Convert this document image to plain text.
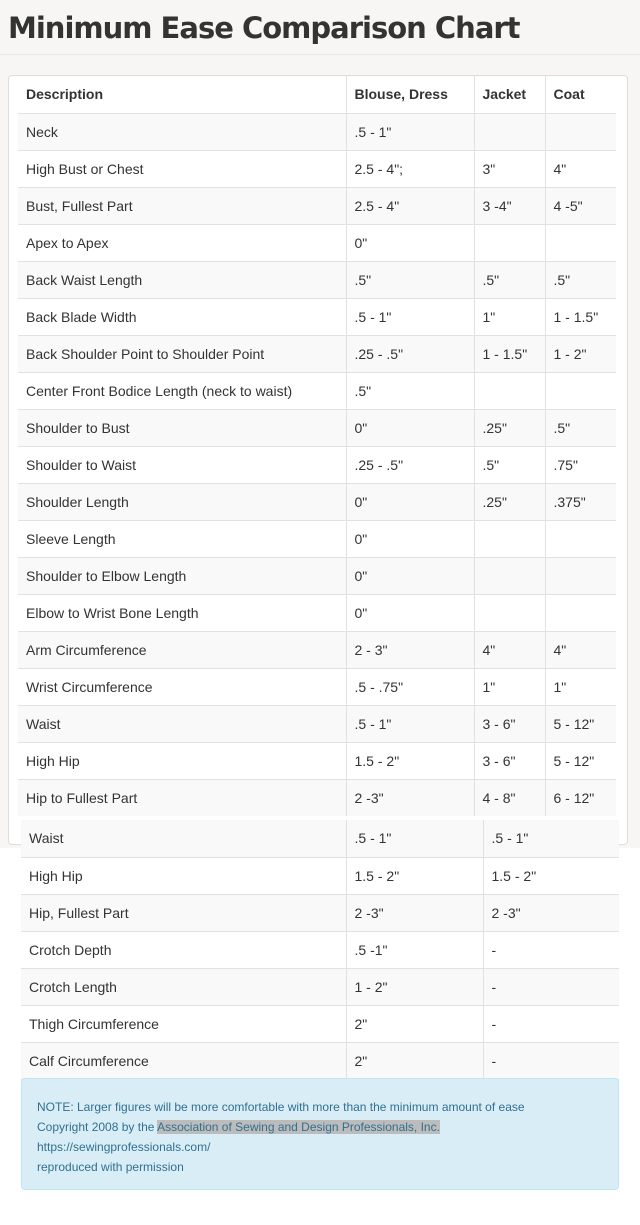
Minimum Ease Comparison Chart
Description	Blouse, Dress	Jacket	Coat
Neck	.5 - 1"		
High Bust or Chest	2.5 - 4";	3"	4"
Bust, Fullest Part	2.5 - 4"	3 -4"	4 -5"
Apex to Apex	0"		
Back Waist Length	.5"	.5"	.5"
Back Blade Width	.5 - 1"	1"	1 - 1.5"
Back Shoulder Point to Shoulder Point	.25 - .5"	1 - 1.5"	1 - 2"
Center Front Bodice Length (neck to waist)	.5"		
Shoulder to Bust	0"	.25"	.5"
Shoulder to Waist	.25 - .5"	.5"	.75"
Shoulder Length	0"	.25"	.375"
Sleeve Length	0"		
Shoulder to Elbow Length	0"		
Elbow to Wrist Bone Length	0"		
Arm Circumference	2 - 3"	4"	4"
Wrist Circumference	.5 - .75"	1"	1"
Waist	.5 - 1"	3 - 6"	5 - 12"
High Hip	1.5 - 2"	3 - 6"	5 - 12"
Hip to Fullest Part	2 -3"	4 - 8"	6 - 12"
Waist	.5 - 1"	.5 - 1"
High Hip	1.5 - 2"	1.5 - 2"
Hip, Fullest Part	2 -3"	2 -3"
Crotch Depth	.5 -1"	-
Crotch Length	1 - 2"	-
Thigh Circumference	2"	-
Calf Circumference	2"	-
NOTE: Larger figures will be more comfortable with more than the minimum amount of ease
Copyright 2008 by the Association of Sewing and Design Professionals, Inc.
https://sewingprofessionals.com/
reproduced with permission
